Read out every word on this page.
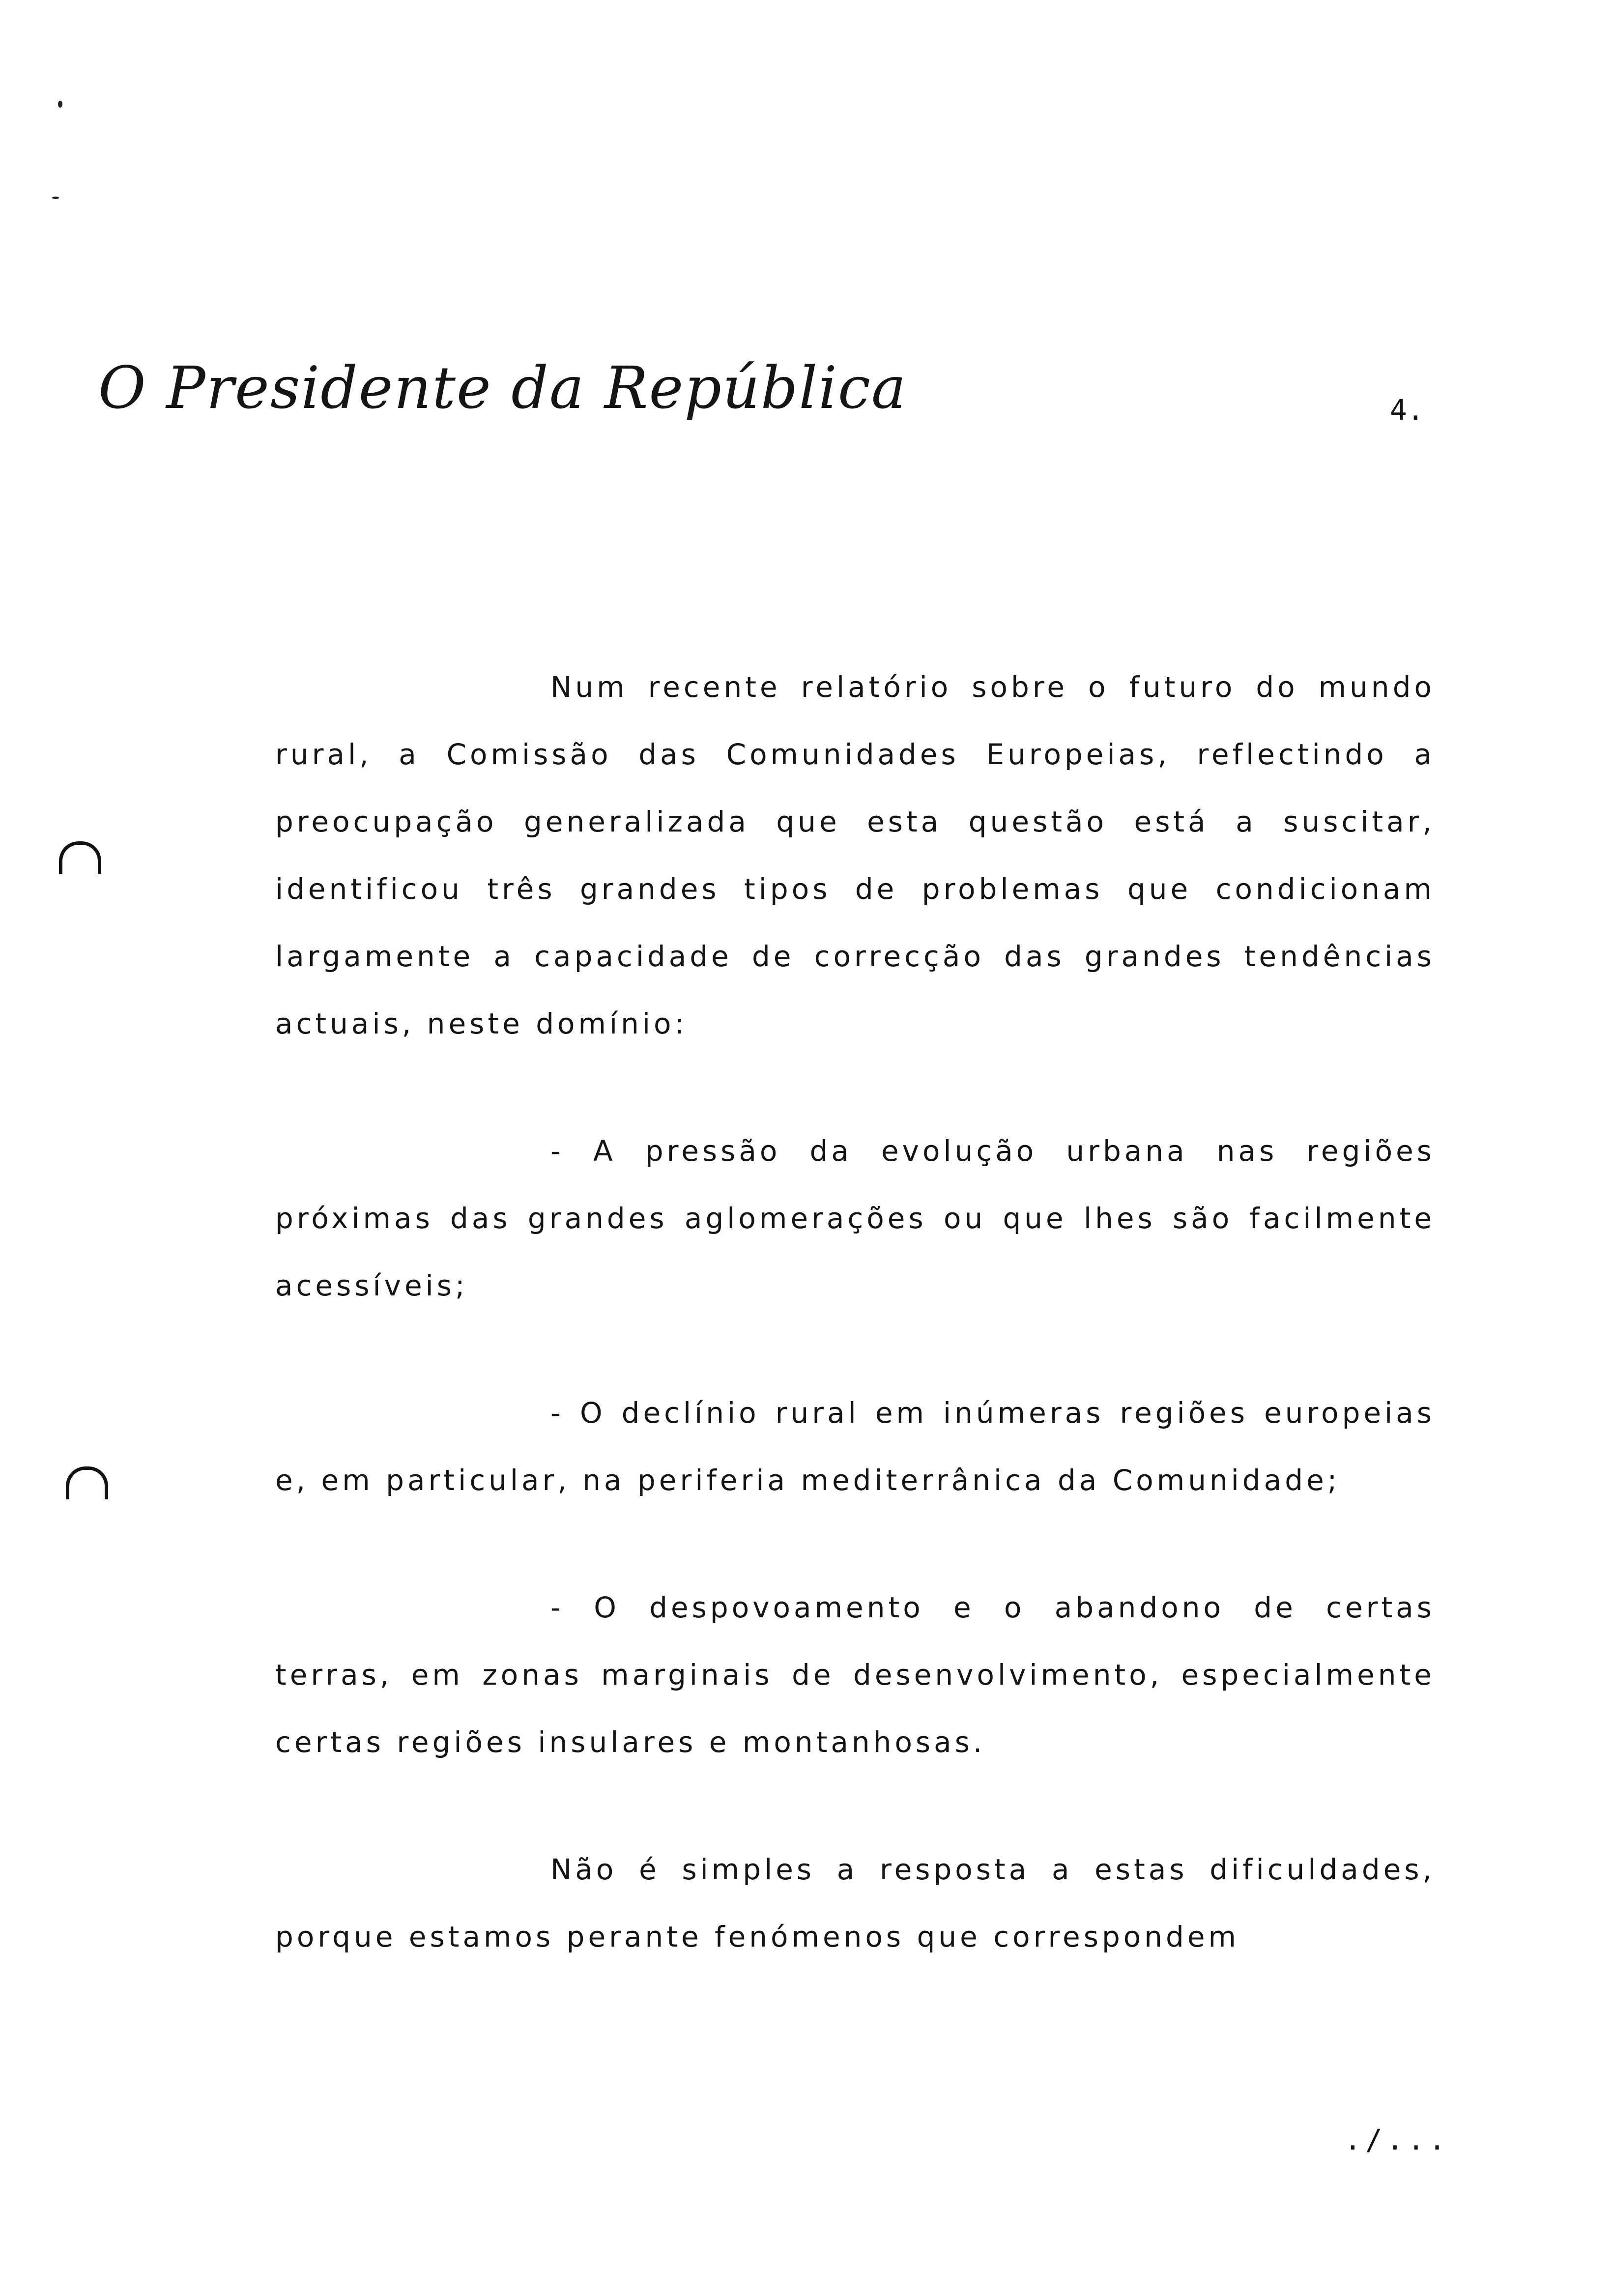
O Presidente da República	4.

Num recente relatório sobre o futuro do mundo rural, a Comissão das Comunidades Europeias, reflectindo a preocupação generalizada que esta questão está a suscitar, identificou três grandes tipos de problemas que condicionam largamente a capacidade de correcção das grandes tendências actuais, neste domínio:

- A pressão da evolução urbana nas regiões próximas das grandes aglomerações ou que lhes são facilmente acessíveis;

- O declínio rural em inúmeras regiões europeias e, em particular, na periferia mediterrânica da Comunidade;

- O despovoamento e o abandono de certas terras, em zonas marginais de desenvolvimento, especialmente certas regiões insulares e montanhosas.

Não é simples a resposta a estas dificuldades, porque estamos perante fenómenos que correspondem

./...
